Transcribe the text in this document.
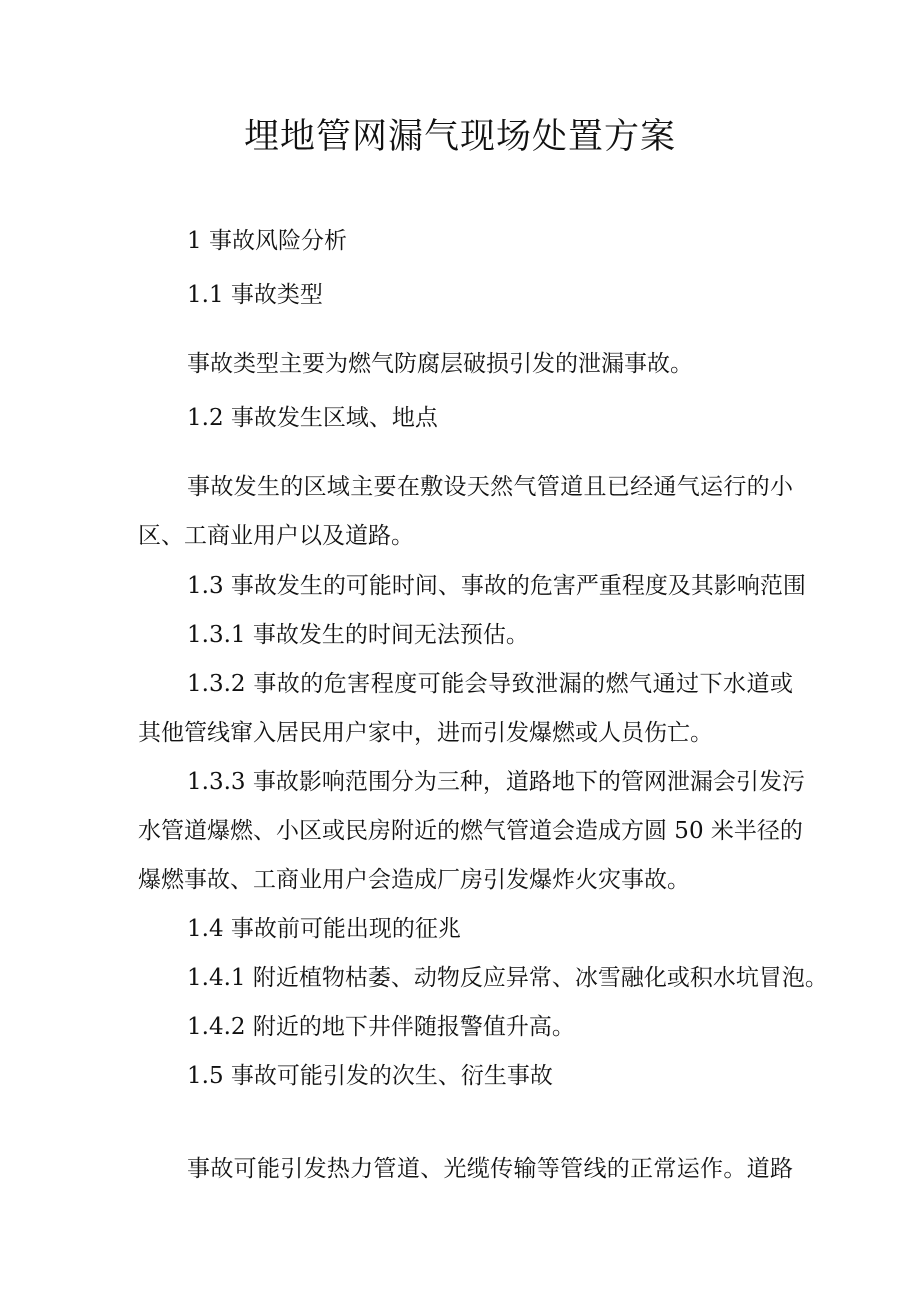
埋地管网漏气现场处置方案
1 事故风险分析
1.1 事故类型
事故类型主要为燃气防腐层破损引发的泄漏事故。
1.2 事故发生区域、地点
事故发生的区域主要在敷设天然气管道且已经通气运行的小
区、工商业用户以及道路。
1.3 事故发生的可能时间、事故的危害严重程度及其影响范围
1.3.1 事故发生的时间无法预估。
1.3.2 事故的危害程度可能会导致泄漏的燃气通过下水道或
其他管线窜入居民用户家中，进而引发爆燃或人员伤亡。
1.3.3 事故影响范围分为三种，道路地下的管网泄漏会引发污
水管道爆燃、小区或民房附近的燃气管道会造成方圆 50 米半径的
爆燃事故、工商业用户会造成厂房引发爆炸火灾事故。
1.4 事故前可能出现的征兆
1.4.1 附近植物枯萎、动物反应异常、冰雪融化或积水坑冒泡。
1.4.2 附近的地下井伴随报警值升高。
1.5 事故可能引发的次生、衍生事故
事故可能引发热力管道、光缆传输等管线的正常运作。道路
